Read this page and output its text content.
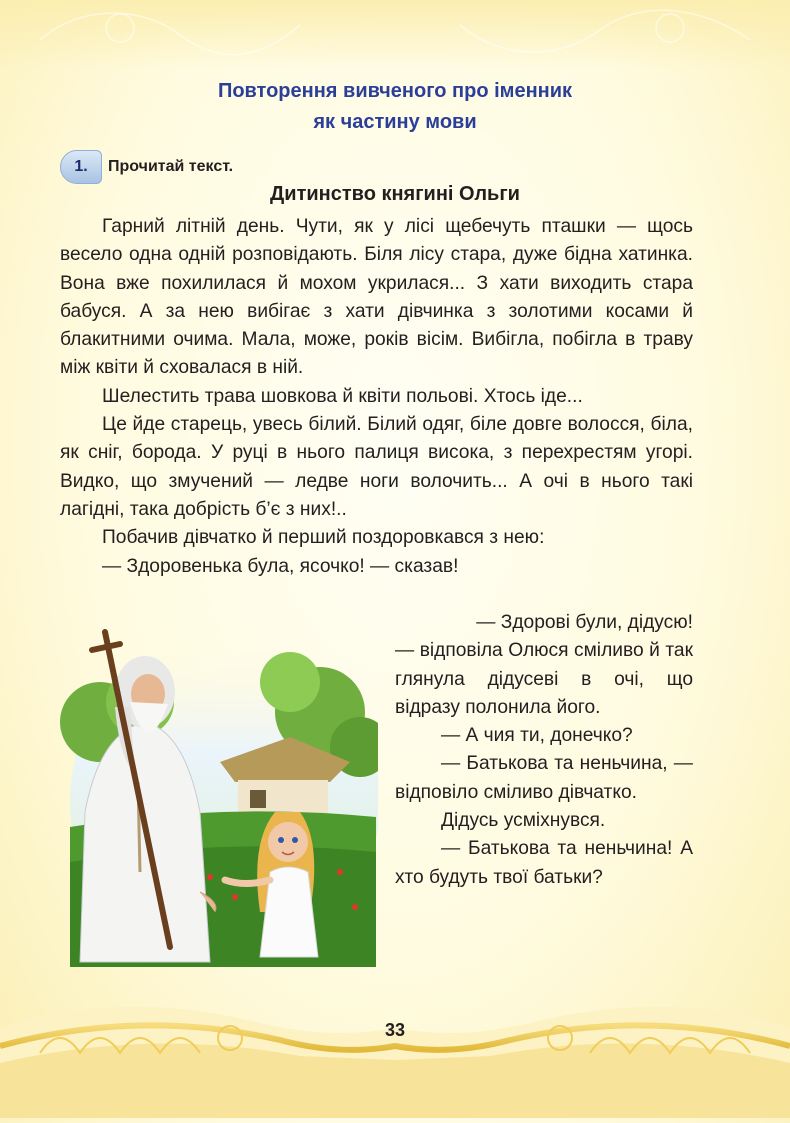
Повторення вивченого про іменник
як частину мови
1.	Прочитай текст.
Дитинство княгині Ольги

Гарний літній день. Чути, як у лісі щебечуть пташки — щось весело одна одній розповідають. Біля лісу стара, дуже бідна хатинка. Вона вже похилилася й мохом укрилася... З хати виходить стара бабуся. А за нею вибігає з хати дівчинка з золотими косами й блакитними очима. Мала, може, років вісім. Вибігла, побігла в траву між квіти й сховалася в ній.

Шелестить трава шовкова й квіти польові. Хтось іде...

Це йде старець, увесь білий. Білий одяг, біле довге волосся, біла, як сніг, борода. У руці в нього палиця висока, з перехрестям угорі. Видко, що змучений — ледве ноги волочить... А очі в нього такі лагідні, така добрість б’є з них!..

Побачив дівчатко й перший поздоровкався з нею:

— Здоровенька була, ясочко! — сказав!

— Здорові були, дідусю!

— відповіла Олюся сміливо й так глянула дідусеві в очі, що відразу полонила його.

— А чия ти, донечко?

— Батькова та неньчина, — відповіло сміливо дівчатко.

Дідусь усміхнувся.

— Батькова та неньчина! А хто будуть твої батьки?

33
